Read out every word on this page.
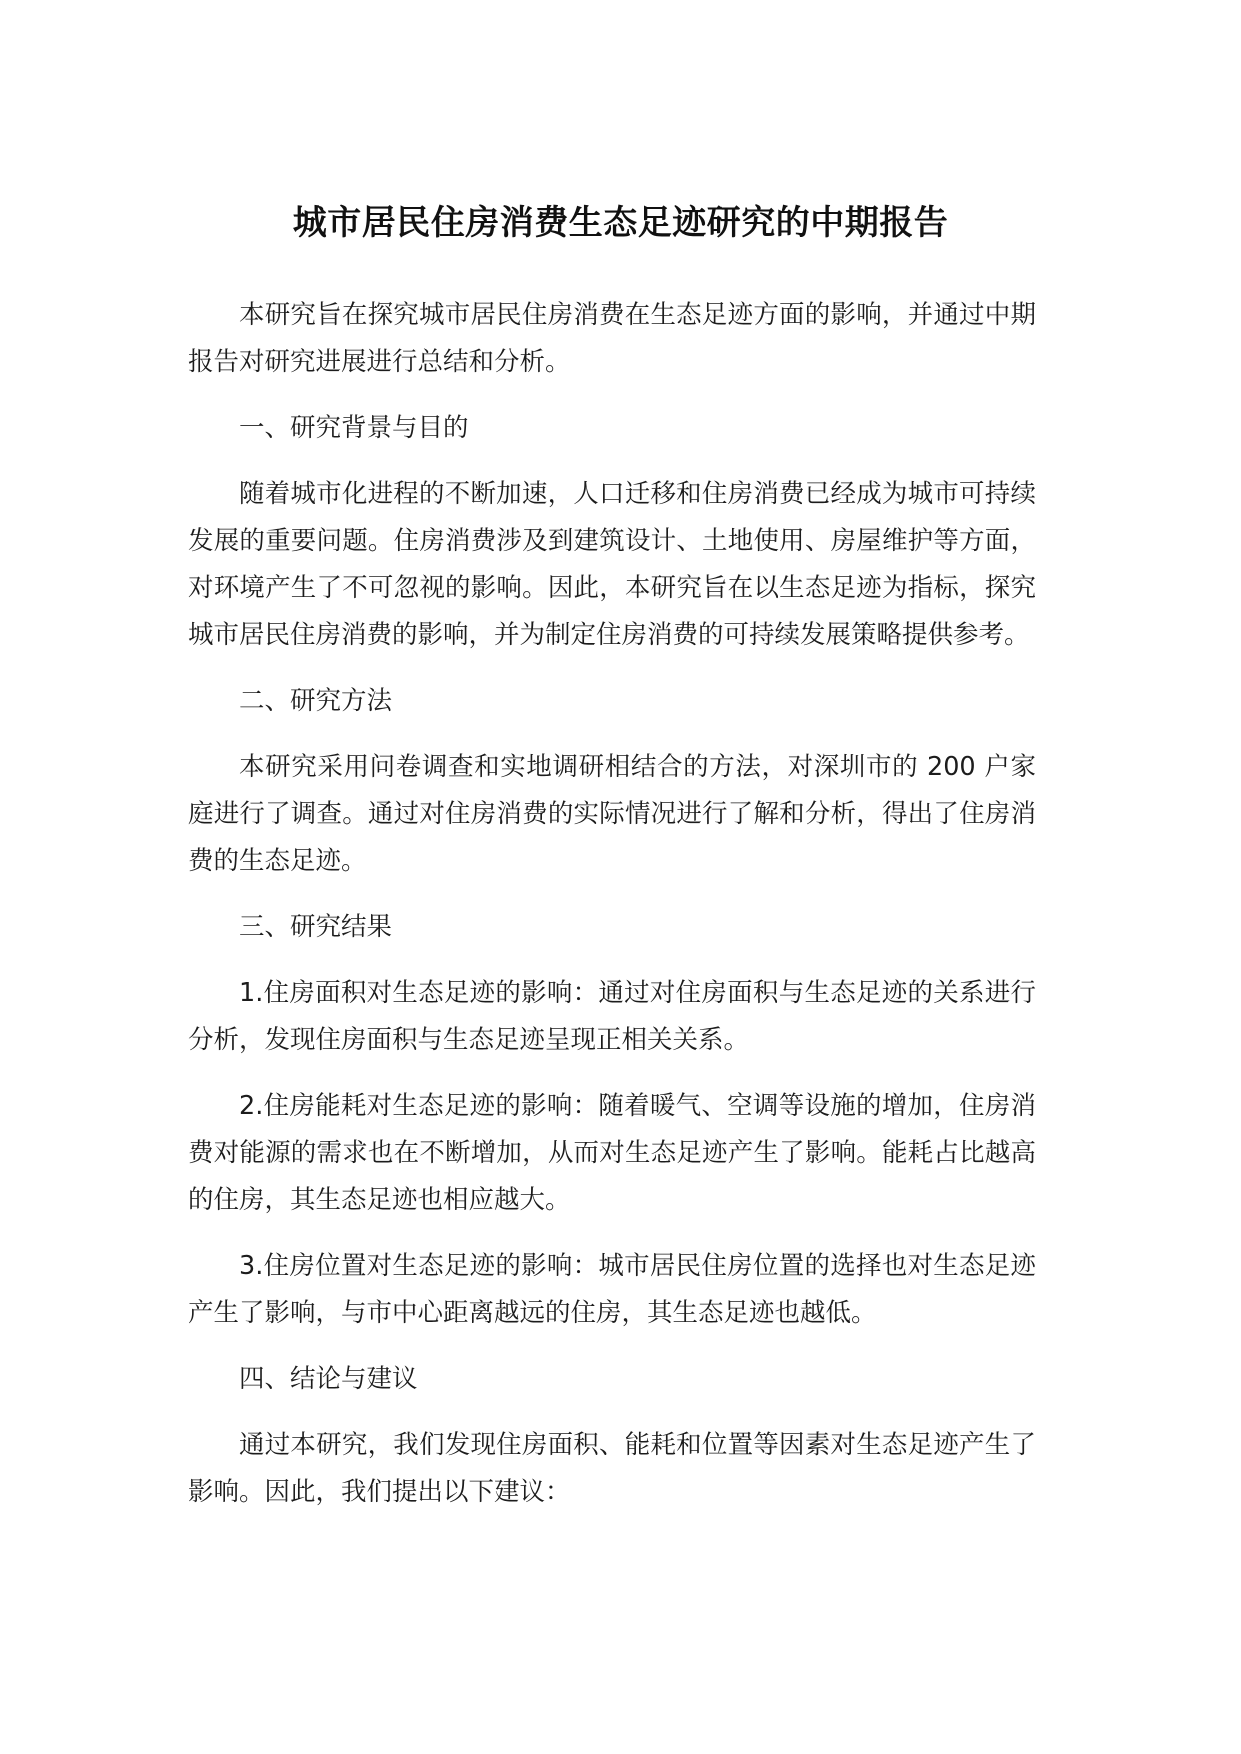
城市居民住房消费生态足迹研究的中期报告

本研究旨在探究城市居民住房消费在生态足迹方面的影响，并通过中期报告对研究进展进行总结和分析。

一、研究背景与目的

随着城市化进程的不断加速，人口迁移和住房消费已经成为城市可持续发展的重要问题。住房消费涉及到建筑设计、土地使用、房屋维护等方面，对环境产生了不可忽视的影响。因此，本研究旨在以生态足迹为指标，探究城市居民住房消费的影响，并为制定住房消费的可持续发展策略提供参考。

二、研究方法

本研究采用问卷调查和实地调研相结合的方法，对深圳市的 200 户家庭进行了调查。通过对住房消费的实际情况进行了解和分析，得出了住房消费的生态足迹。

三、研究结果

1.住房面积对生态足迹的影响：通过对住房面积与生态足迹的关系进行分析，发现住房面积与生态足迹呈现正相关关系。

2.住房能耗对生态足迹的影响：随着暖气、空调等设施的增加，住房消费对能源的需求也在不断增加，从而对生态足迹产生了影响。能耗占比越高的住房，其生态足迹也相应越大。

3.住房位置对生态足迹的影响：城市居民住房位置的选择也对生态足迹产生了影响，与市中心距离越远的住房，其生态足迹也越低。

四、结论与建议

通过本研究，我们发现住房面积、能耗和位置等因素对生态足迹产生了影响。因此，我们提出以下建议：
